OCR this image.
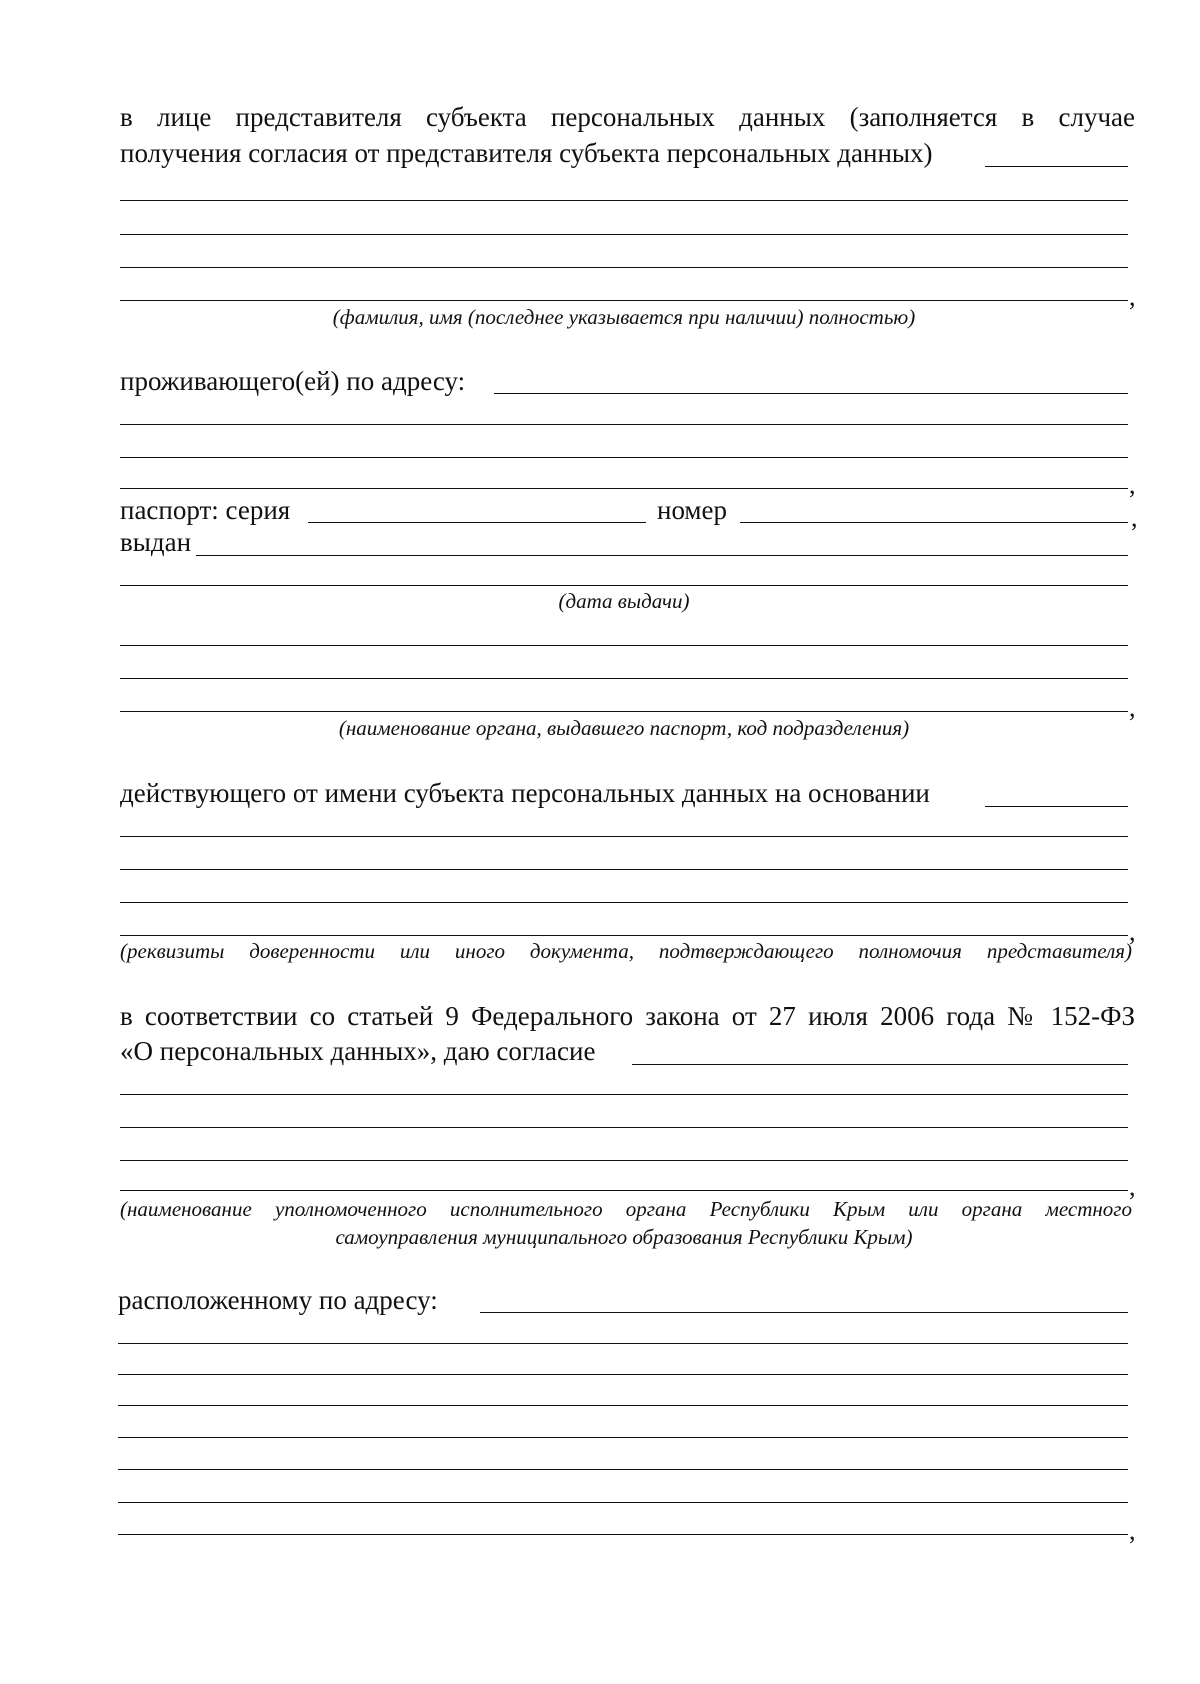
в лице представителя субъекта персональных данных (заполняется в случае
получения согласия от представителя субъекта персональных данных)
,
(фамилия, имя (последнее указывается при наличии) полностью)
проживающего(ей) по адресу:
,
паспорт: серия	номер	,
выдан
(дата выдачи)
,
(наименование органа, выдавшего паспорт, код подразделения)
действующего от имени субъекта персональных данных на основании
,
(реквизиты доверенности или иного документа, подтверждающего полномочия представителя)
в соответствии со статьей 9 Федерального закона от 27 июля 2006 года № 152-ФЗ
«О персональных данных», даю согласие
,
(наименование уполномоченного исполнительного органа Республики Крым или органа местного
самоуправления муниципального образования Республики Крым)
расположенному по адресу:
,
